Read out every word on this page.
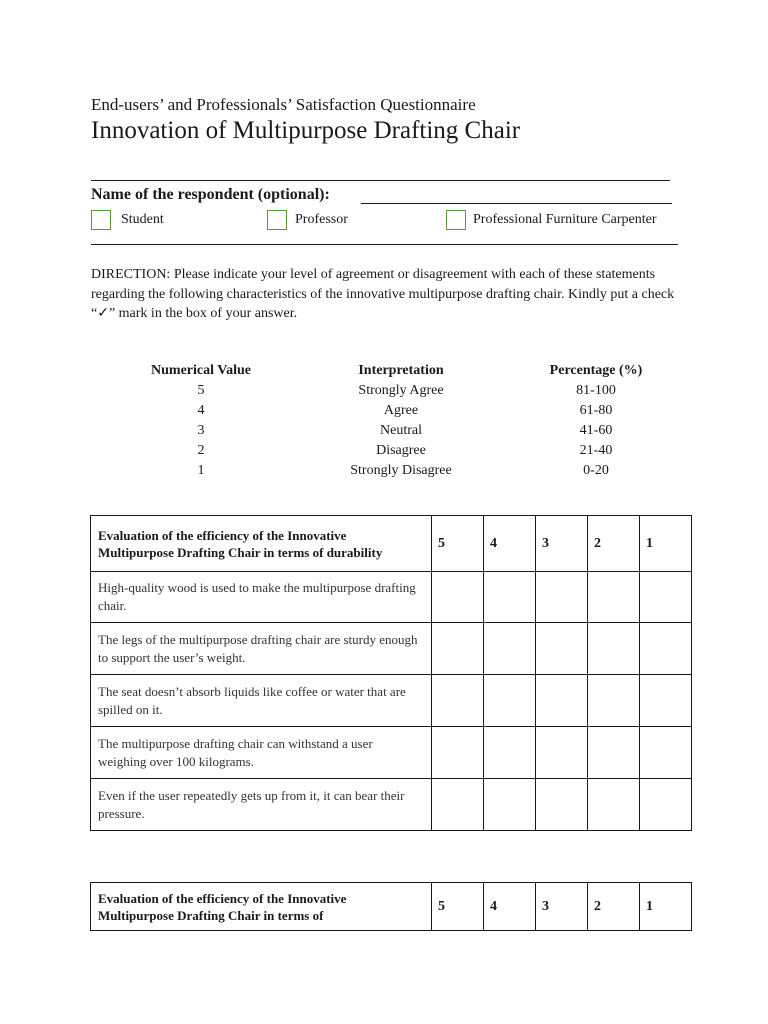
End-users’ and Professionals’ Satisfaction Questionnaire
Innovation of Multipurpose Drafting Chair
Name of the respondent (optional):
Student	Professor	Professional Furniture Carpenter
DIRECTION: Please indicate your level of agreement or disagreement with each of these statements regarding the following characteristics of the innovative multipurpose drafting chair. Kindly put a check “✓” mark in the box of your answer.
Numerical Value	Interpretation	Percentage (%)
5	Strongly Agree	81-100
4	Agree	61-80
3	Neutral	41-60
2	Disagree	21-40
1	Strongly Disagree	0-20
Evaluation of the efficiency of the Innovative Multipurpose Drafting Chair in terms of durability	5	4	3	2	1
High-quality wood is used to make the multipurpose drafting chair.					
The legs of the multipurpose drafting chair are sturdy enough to support the user’s weight.					
The seat doesn’t absorb liquids like coffee or water that are spilled on it.					
The multipurpose drafting chair can withstand a user weighing over 100 kilograms.					
Even if the user repeatedly gets up from it, it can bear their pressure.					
Evaluation of the efficiency of the Innovative Multipurpose Drafting Chair in terms of	5	4	3	2	1
